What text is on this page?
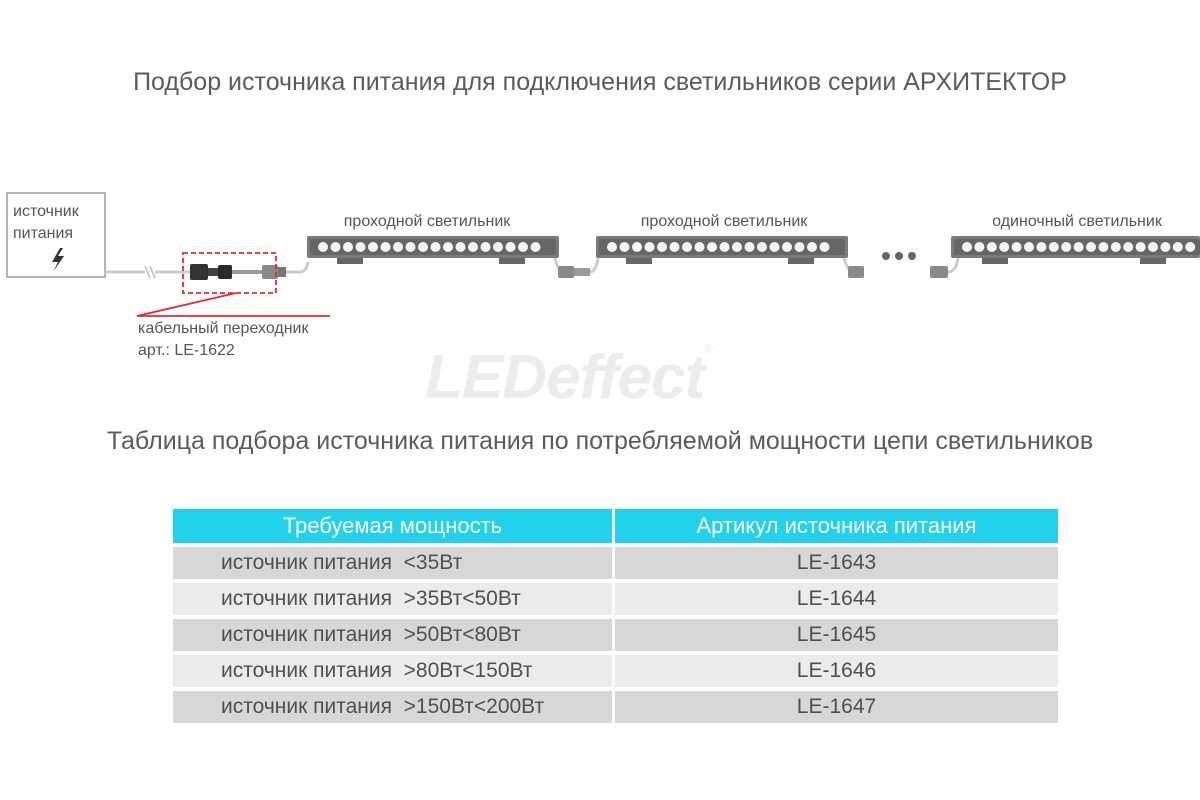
Подбор источника питания для подключения светильников серии АРХИТЕКТОР
источник
питания
кабельный переходник
арт.: LE-1622
проходной светильник	проходной светильник	одиночный светильник
LEDeffect®
Таблица подбора источника питания по потребляемой мощности цепи светильников
Требуемая мощность	Артикул источника питания
источник питания  <35Вт	LE-1643
источник питания  >35Вт<50Вт	LE-1644
источник питания  >50Вт<80Вт	LE-1645
источник питания  >80Вт<150Вт	LE-1646
источник питания  >150Вт<200Вт	LE-1647
